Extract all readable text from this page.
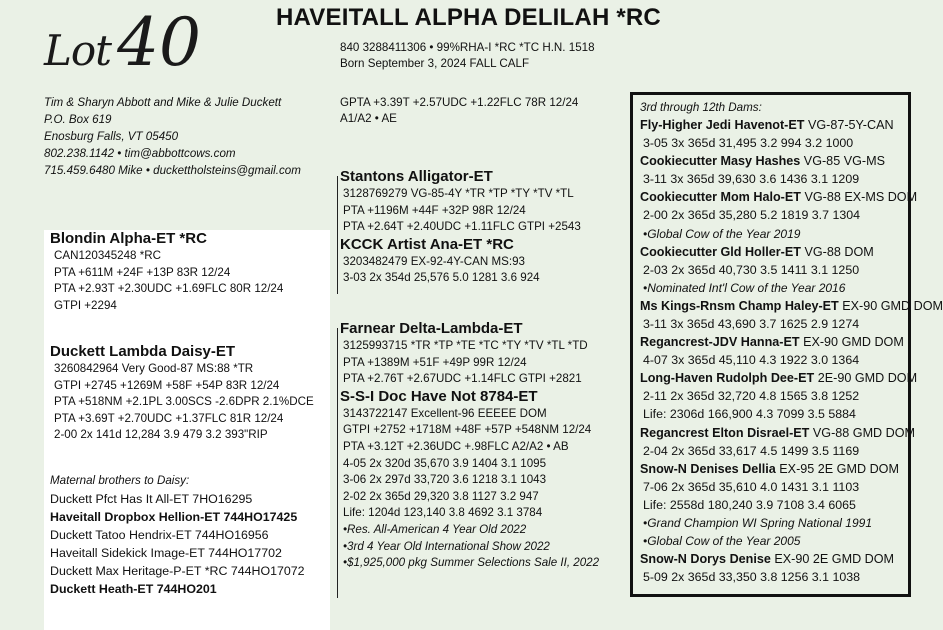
Lot40	HAVEITALL ALPHA DELILAH *RC
840 3288411306 • 99%RHA-I *RC *TC H.N. 1518
Born September 3, 2024 FALL CALF
GPTA +3.39T +2.57UDC +1.22FLC 78R 12/24
A1/A2 • AE
Tim & Sharyn Abbott and Mike & Julie Duckett
P.O. Box 619
Enosburg Falls, VT 05450
802.238.1142 • tim@abbottcows.com
715.459.6480 Mike • duckettholsteins@gmail.com
Blondin Alpha-ET *RC
CAN120345248 *RC
PTA +611M +24F +13P 83R 12/24
PTA +2.93T +2.30UDC +1.69FLC 80R 12/24
GTPI +2294
Duckett Lambda Daisy-ET
3260842964 Very Good-87 MS:88 *TR
GTPI +2745 +1269M +58F +54P 83R 12/24
PTA +518NM +2.1PL 3.00SCS -2.6DPR 2.1%DCE
PTA +3.69T +2.70UDC +1.37FLC 81R 12/24
2-00 2x 141d 12,284 3.9 479 3.2 393"RIP
Maternal brothers to Daisy:
Duckett Pfct Has It All-ET 7HO16295
Haveitall Dropbox Hellion-ET 744HO17425
Duckett Tatoo Hendrix-ET 744HO16956
Haveitall Sidekick Image-ET 744HO17702
Duckett Max Heritage-P-ET *RC 744HO17072
Duckett Heath-ET 744HO201
Stantons Alligator-ET
3128769279 VG-85-4Y *TR *TP *TY *TV *TL
PTA +1196M +44F +32P 98R 12/24
PTA +2.64T +2.40UDC +1.11FLC GTPI +2543
KCCK Artist Ana-ET *RC
3203482479 EX-92-4Y-CAN MS:93
3-03 2x 354d 25,576 5.0 1281 3.6 924
Farnear Delta-Lambda-ET
3125993715 *TR *TP *TE *TC *TY *TV *TL *TD
PTA +1389M +51F +49P 99R 12/24
PTA +2.76T +2.67UDC +1.14FLC GTPI +2821
S-S-I Doc Have Not 8784-ET
3143722147 Excellent-96 EEEEE DOM
GTPI +2752 +1718M +48F +57P +548NM 12/24
PTA +3.12T +2.36UDC +.98FLC A2/A2 • AB
4-05 2x 320d 35,670 3.9 1404 3.1 1095
3-06 2x 297d 33,720 3.6 1218 3.1 1043
2-02 2x 365d 29,320 3.8 1127 3.2 947
Life: 1204d 123,140 3.8 4692 3.1 3784
•Res. All-American 4 Year Old 2022
•3rd 4 Year Old International Show 2022
•$1,925,000 pkg Summer Selections Sale II, 2022
3rd through 12th Dams:
Fly-Higher Jedi Havenot-ET VG-87-5Y-CAN
3-05 3x 365d 31,495 3.2 994 3.2 1000
Cookiecutter Masy Hashes VG-85 VG-MS
3-11 3x 365d 39,630 3.6 1436 3.1 1209
Cookiecutter Mom Halo-ET VG-88 EX-MS DOM
2-00 2x 365d 35,280 5.2 1819 3.7 1304
•Global Cow of the Year 2019
Cookiecutter Gld Holler-ET VG-88 DOM
2-03 2x 365d 40,730 3.5 1411 3.1 1250
•Nominated Int'l Cow of the Year 2016
Ms Kings-Rnsm Champ Haley-ET EX-90 GMD DOM
3-11 3x 365d 43,690 3.7 1625 2.9 1274
Regancrest-JDV Hanna-ET EX-90 GMD DOM
4-07 3x 365d 45,110 4.3 1922 3.0 1364
Long-Haven Rudolph Dee-ET 2E-90 GMD DOM
2-11 2x 365d 32,720 4.8 1565 3.8 1252
Life: 2306d 166,900 4.3 7099 3.5 5884
Regancrest Elton Disrael-ET VG-88 GMD DOM
2-04 2x 365d 33,617 4.5 1499 3.5 1169
Snow-N Denises Dellia EX-95 2E GMD DOM
7-06 2x 365d 35,610 4.0 1431 3.1 1103
Life: 2558d 180,240 3.9 7108 3.4 6065
•Grand Champion WI Spring National 1991
•Global Cow of the Year 2005
Snow-N Dorys Denise EX-90 2E GMD DOM
5-09 2x 365d 33,350 3.8 1256 3.1 1038
